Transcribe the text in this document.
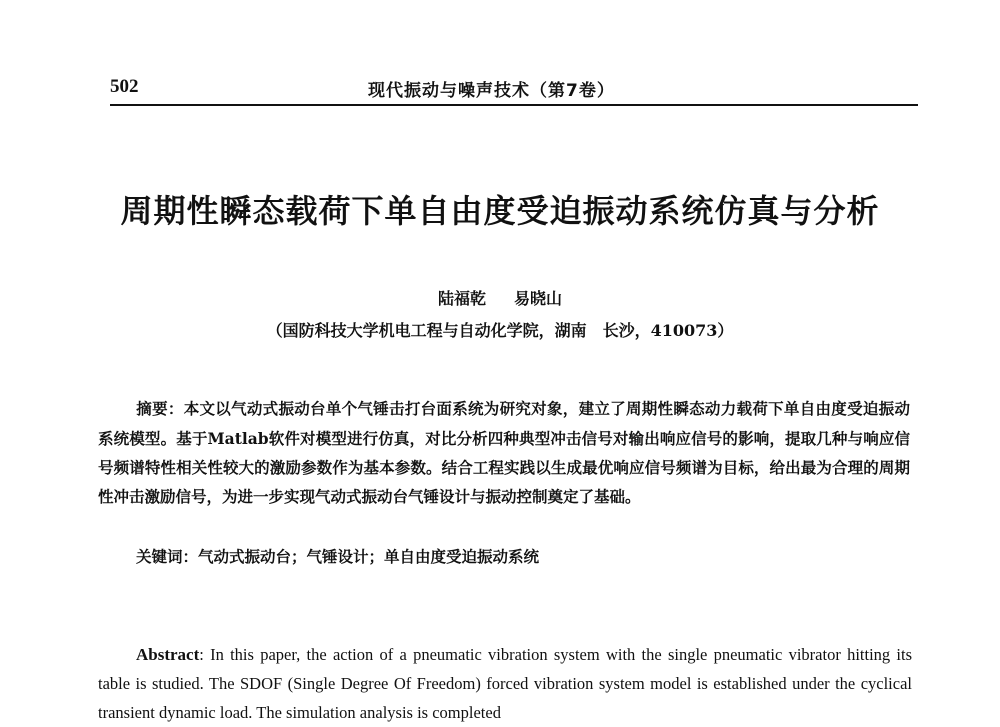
502	现代振动与噪声技术（第7卷）
周期性瞬态载荷下单自由度受迫振动系统仿真与分析
陆福乾 易晓山
（国防科技大学机电工程与自动化学院，湖南　长沙，410073）
摘要：本文以气动式振动台单个气锤击打台面系统为研究对象，建立了周期性瞬态动力载荷下单自由度受迫振动系统模型。基于Matlab软件对模型进行仿真，对比分析四种典型冲击信号对输出响应信号的影响，提取几种与响应信号频谱特性相关性较大的激励参数作为基本参数。结合工程实践以生成最优响应信号频谱为目标，给出最为合理的周期性冲击激励信号，为进一步实现气动式振动台气锤设计与振动控制奠定了基础。
关键词：气动式振动台；气锤设计；单自由度受迫振动系统
Abstract: In this paper, the action of a pneumatic vibration system with the single pneumatic vibrator hitting its table is studied. The SDOF (Single Degree Of Freedom) forced vibration system model is established under the cyclical transient dynamic load. The simulation analysis is completed
